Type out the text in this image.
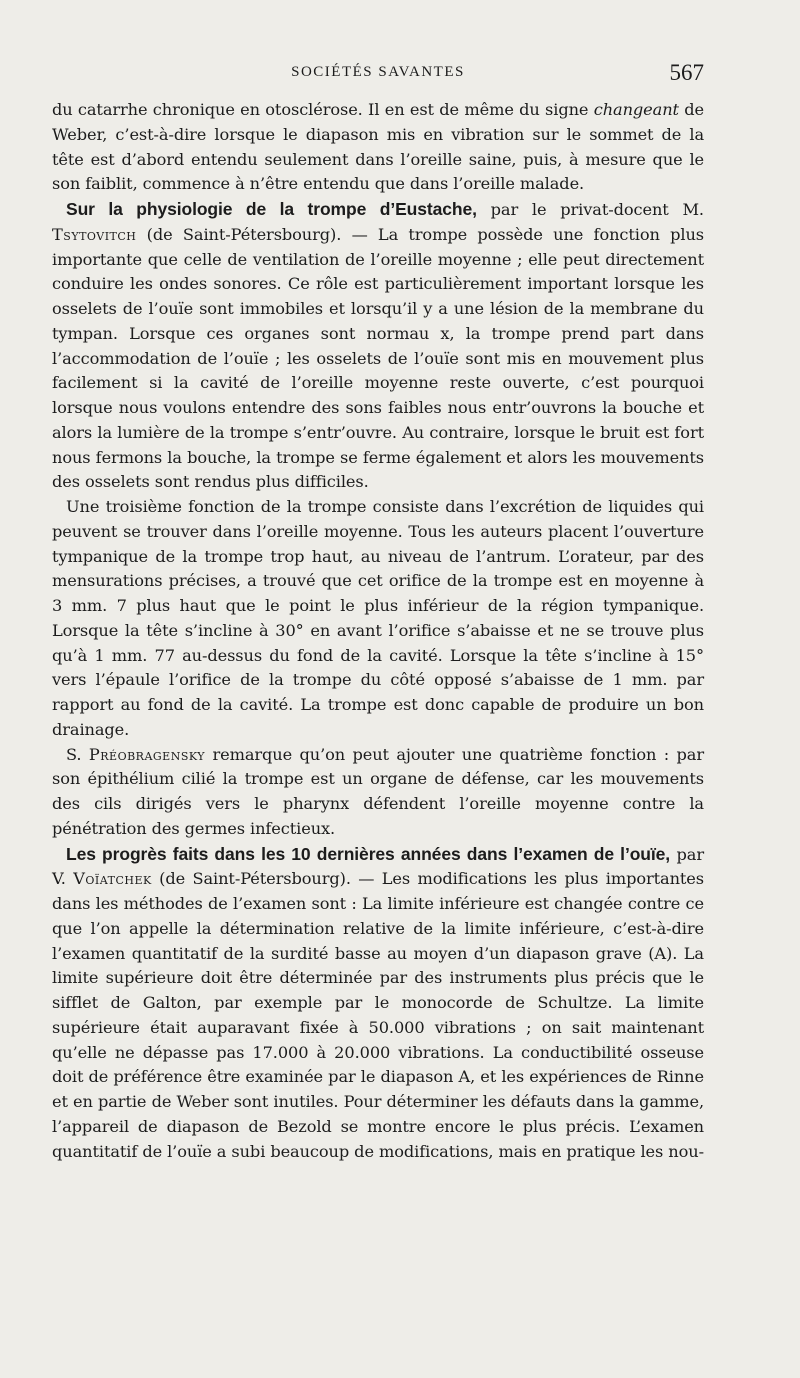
SOCIÉTÉS SAVANTES	567

du catarrhe chronique en otosclérose. Il en est de même du signe changeant de Weber, c’est-à-dire lorsque le diapason mis en vibration sur le sommet de la tête est d’abord entendu seulement dans l’oreille saine, puis, à mesure que le son faiblit, commence à n’être entendu que dans l’oreille malade.

Sur la physiologie de la trompe d’Eustache, par le privat-docent M. Tsytovitch (de Saint-Pétersbourg). — La trompe possède une fonction plus importante que celle de ventilation de l’oreille moyenne ; elle peut directement conduire les ondes sonores. Ce rôle est particulièrement important lorsque les osselets de l’ouïe sont immobiles et lorsqu’il y a une lésion de la membrane du tympan. Lorsque ces organes sont normau x, la trompe prend part dans l’accommodation de l’ouïe ; les osselets de l’ouïe sont mis en mouvement plus facilement si la cavité de l’oreille moyenne reste ouverte, c’est pourquoi lorsque nous voulons entendre des sons faibles nous entr’ouvrons la bouche et alors la lumière de la trompe s’entr’ouvre. Au contraire, lorsque le bruit est fort nous fermons la bouche, la trompe se ferme également et alors les mouvements des osselets sont rendus plus difficiles.

Une troisième fonction de la trompe consiste dans l’excrétion de liquides qui peuvent se trouver dans l’oreille moyenne. Tous les auteurs placent l’ouverture tympanique de la trompe trop haut, au niveau de l’antrum. L’orateur, par des mensurations précises, a trouvé que cet orifice de la trompe est en moyenne à 3 mm. 7 plus haut que le point le plus inférieur de la région tympanique. Lorsque la tête s’incline à 30° en avant l’orifice s’abaisse et ne se trouve plus qu’à 1 mm. 77 au-dessus du fond de la cavité. Lorsque la tête s’incline à 15° vers l’épaule l’orifice de la trompe du côté opposé s’abaisse de 1 mm. par rapport au fond de la cavité. La trompe est donc capable de produire un bon drainage.

S. Préobragensky remarque qu’on peut ajouter une quatrième fonction : par son épithélium cilié la trompe est un organe de défense, car les mouvements des cils dirigés vers le pharynx défendent l’oreille moyenne contre la pénétration des germes infectieux.

Les progrès faits dans les 10 dernières années dans l’examen de l’ouïe, par V. Voïatchek (de Saint-Pétersbourg). — Les modifications les plus importantes dans les méthodes de l’examen sont : La limite inférieure est changée contre ce que l’on appelle la détermination relative de la limite inférieure, c’est-à-dire l’examen quantitatif de la surdité basse au moyen d’un diapason grave (A). La limite supérieure doit être déterminée par des instruments plus précis que le sifflet de Galton, par exemple par le monocorde de Schultze. La limite supérieure était auparavant fixée à 50.000 vibrations ; on sait maintenant qu’elle ne dépasse pas 17.000 à 20.000 vibrations. La conductibilité osseuse doit de préférence être examinée par le diapason A, et les expériences de Rinne et en partie de Weber sont inutiles. Pour déterminer les défauts dans la gamme, l’appareil de diapason de Bezold se montre encore le plus précis. L’examen quantitatif de l’ouïe a subi beaucoup de modifications, mais en pratique les nou-
